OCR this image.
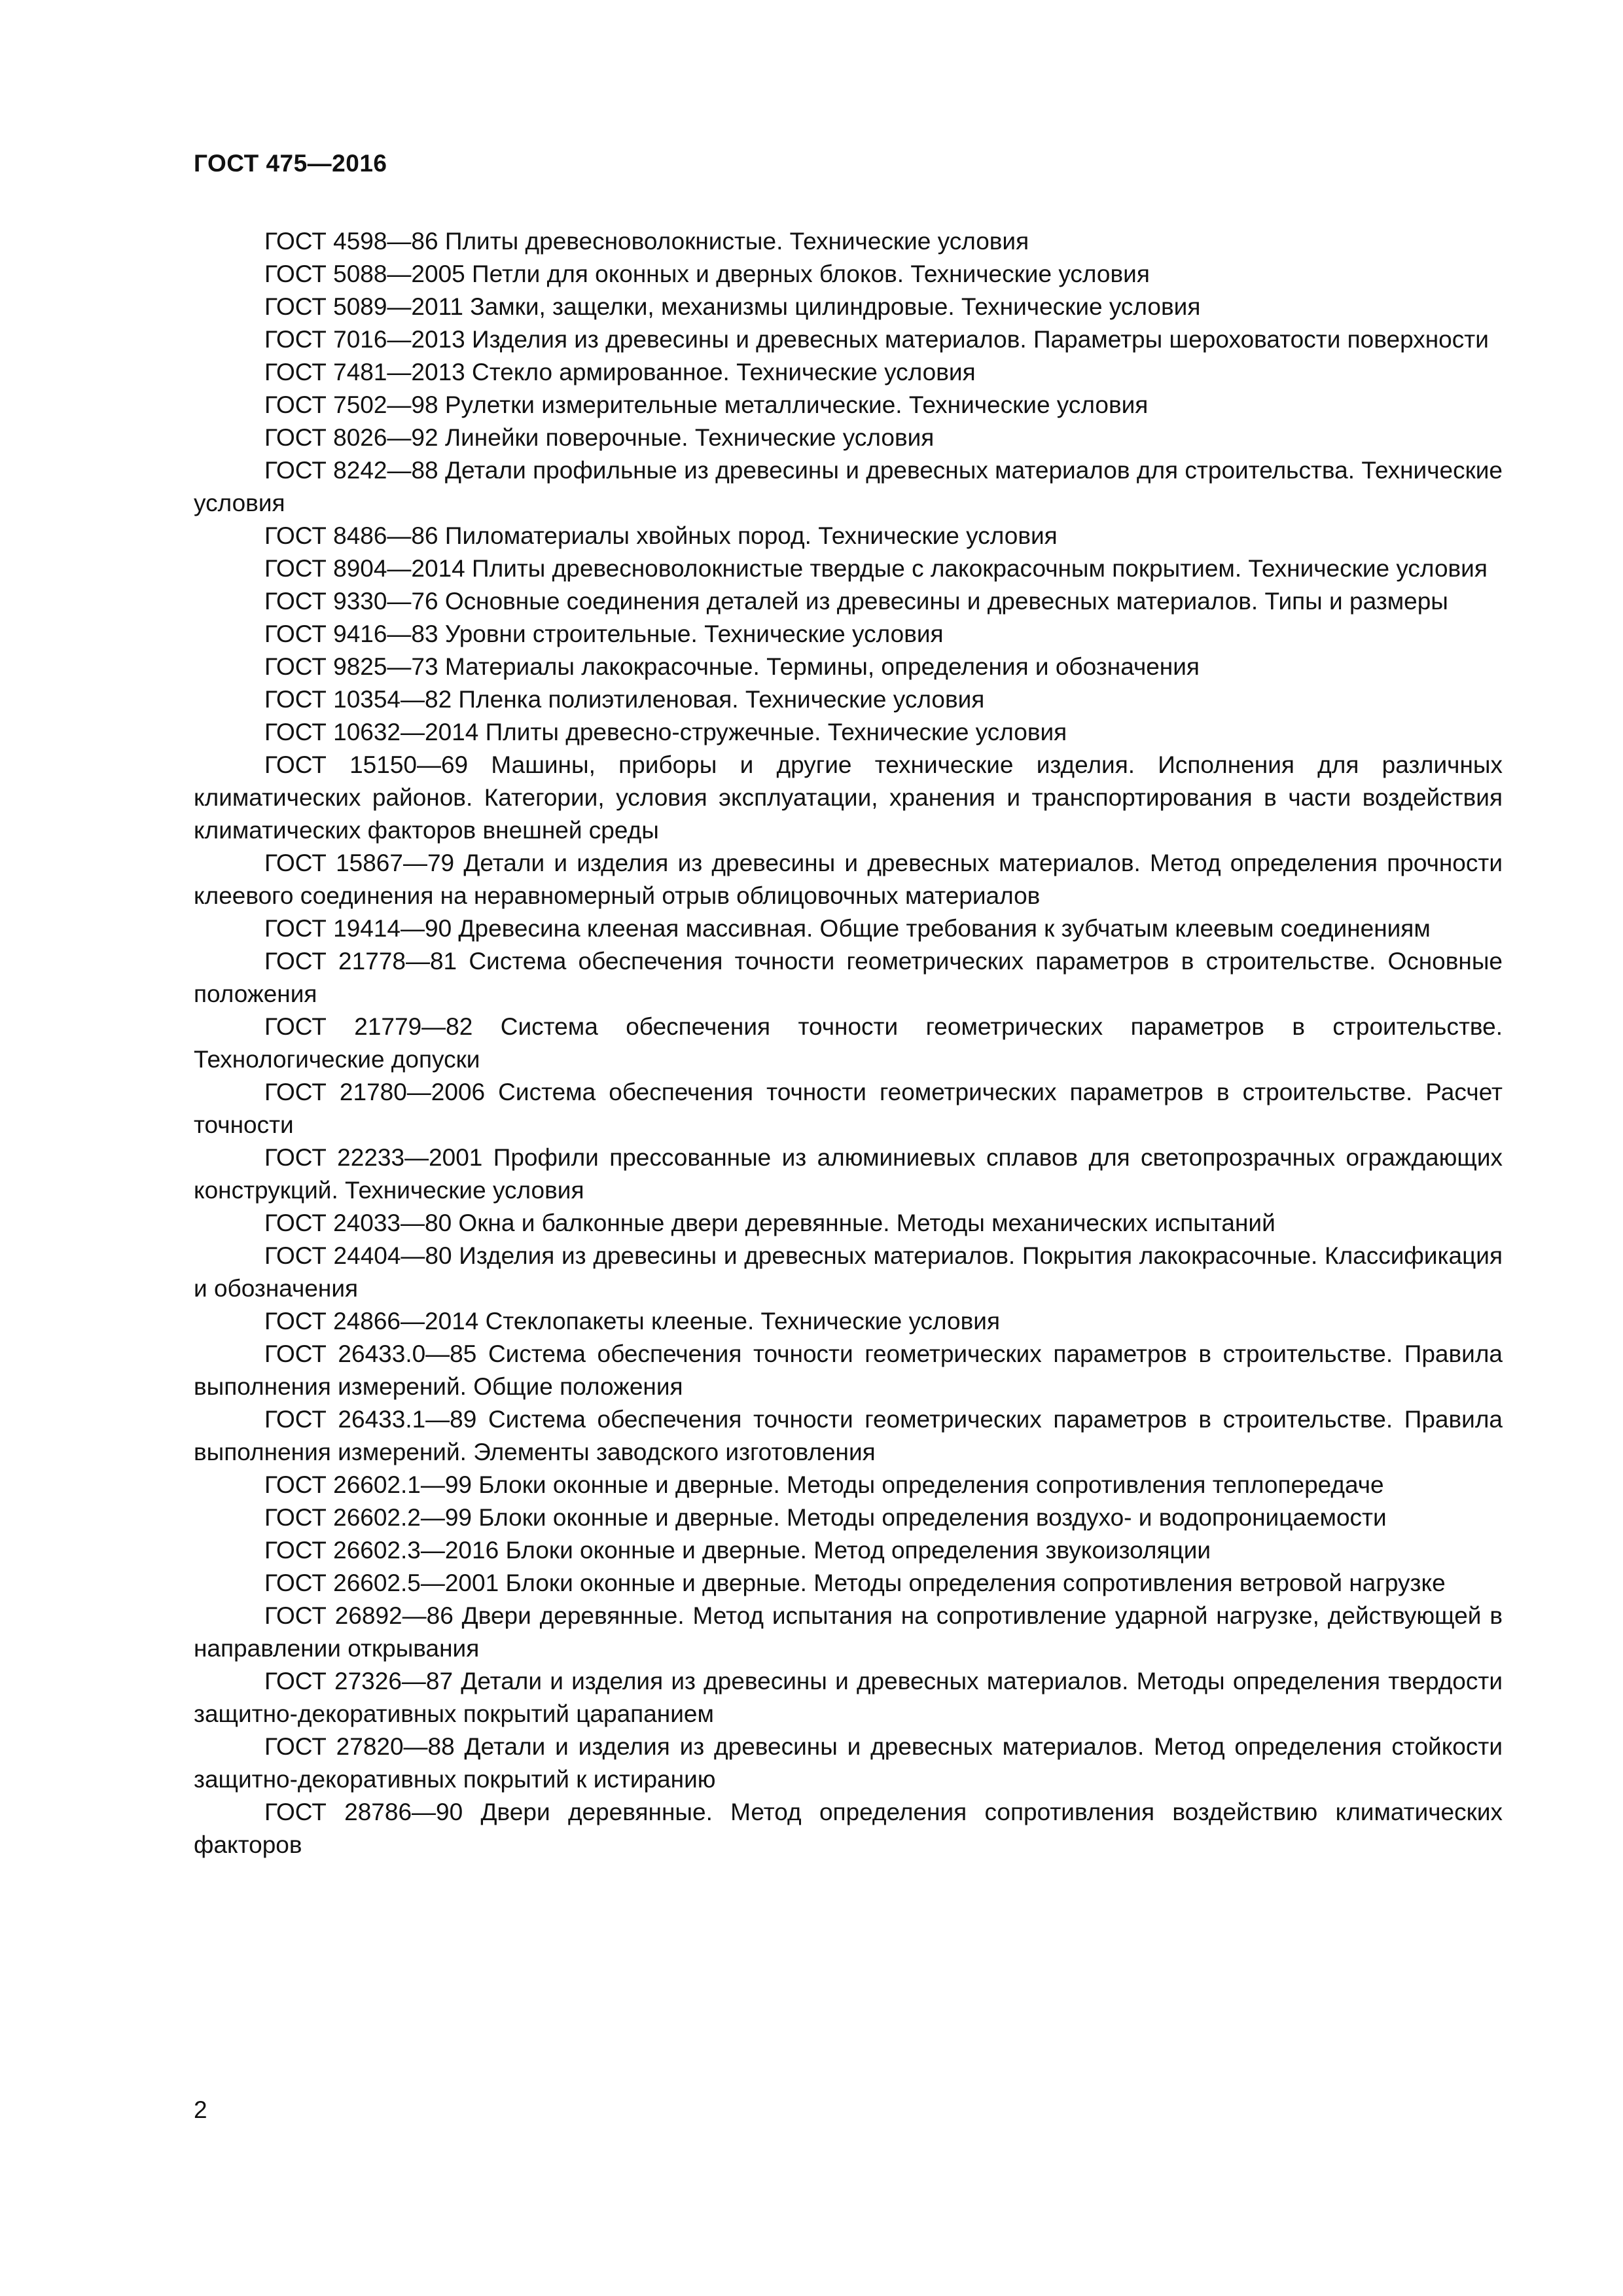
ГОСТ 475—2016

ГОСТ 4598—86 Плиты древесноволокнистые. Технические условия

ГОСТ 5088—2005 Петли для оконных и дверных блоков. Технические условия

ГОСТ 5089—2011 Замки, защелки, механизмы цилиндровые. Технические условия

ГОСТ 7016—2013 Изделия из древесины и древесных материалов. Параметры шероховатости поверхности

ГОСТ 7481—2013 Стекло армированное. Технические условия

ГОСТ 7502—98 Рулетки измерительные металлические. Технические условия

ГОСТ 8026—92 Линейки поверочные. Технические условия

ГОСТ 8242—88 Детали профильные из древесины и древесных материалов для строительства. Технические условия

ГОСТ 8486—86 Пиломатериалы хвойных пород. Технические условия

ГОСТ 8904—2014 Плиты древесноволокнистые твердые с лакокрасочным покрытием. Технические условия

ГОСТ 9330—76 Основные соединения деталей из древесины и древесных материалов. Типы и размеры

ГОСТ 9416—83 Уровни строительные. Технические условия

ГОСТ 9825—73 Материалы лакокрасочные. Термины, определения и обозначения

ГОСТ 10354—82 Пленка полиэтиленовая. Технические условия

ГОСТ 10632—2014 Плиты древесно-стружечные. Технические условия

ГОСТ 15150—69 Машины, приборы и другие технические изделия. Исполнения для различных климатических районов. Категории, условия эксплуатации, хранения и транспортирования в части воздействия климатических факторов внешней среды

ГОСТ 15867—79 Детали и изделия из древесины и древесных материалов. Метод определения прочности клеевого соединения на неравномерный отрыв облицовочных материалов

ГОСТ 19414—90 Древесина клееная массивная. Общие требования к зубчатым клеевым соединениям

ГОСТ 21778—81 Система обеспечения точности геометрических параметров в строительстве. Основные положения

ГОСТ 21779—82 Система обеспечения точности геометрических параметров в строительстве. Технологические допуски

ГОСТ 21780—2006 Система обеспечения точности геометрических параметров в строительстве. Расчет точности

ГОСТ 22233—2001 Профили прессованные из алюминиевых сплавов для светопрозрачных ограждающих конструкций. Технические условия

ГОСТ 24033—80 Окна и балконные двери деревянные. Методы механических испытаний

ГОСТ 24404—80 Изделия из древесины и древесных материалов. Покрытия лакокрасочные. Классификация и обозначения

ГОСТ 24866—2014 Стеклопакеты клееные. Технические условия

ГОСТ 26433.0—85 Система обеспечения точности геометрических параметров в строительстве. Правила выполнения измерений. Общие положения

ГОСТ 26433.1—89 Система обеспечения точности геометрических параметров в строительстве. Правила выполнения измерений. Элементы заводского изготовления

ГОСТ 26602.1—99 Блоки оконные и дверные. Методы определения сопротивления теплопередаче

ГОСТ 26602.2—99 Блоки оконные и дверные. Методы определения воздухо- и водопроницаемости

ГОСТ 26602.3—2016 Блоки оконные и дверные. Метод определения звукоизоляции

ГОСТ 26602.5—2001 Блоки оконные и дверные. Методы определения сопротивления ветровой нагрузке

ГОСТ 26892—86 Двери деревянные. Метод испытания на сопротивление ударной нагрузке, действующей в направлении открывания

ГОСТ 27326—87 Детали и изделия из древесины и древесных материалов. Методы определения твердости защитно-декоративных покрытий царапанием

ГОСТ 27820—88 Детали и изделия из древесины и древесных материалов. Метод определения стойкости защитно-декоративных покрытий к истиранию

ГОСТ 28786—90 Двери деревянные. Метод определения сопротивления воздействию климатических факторов

2
